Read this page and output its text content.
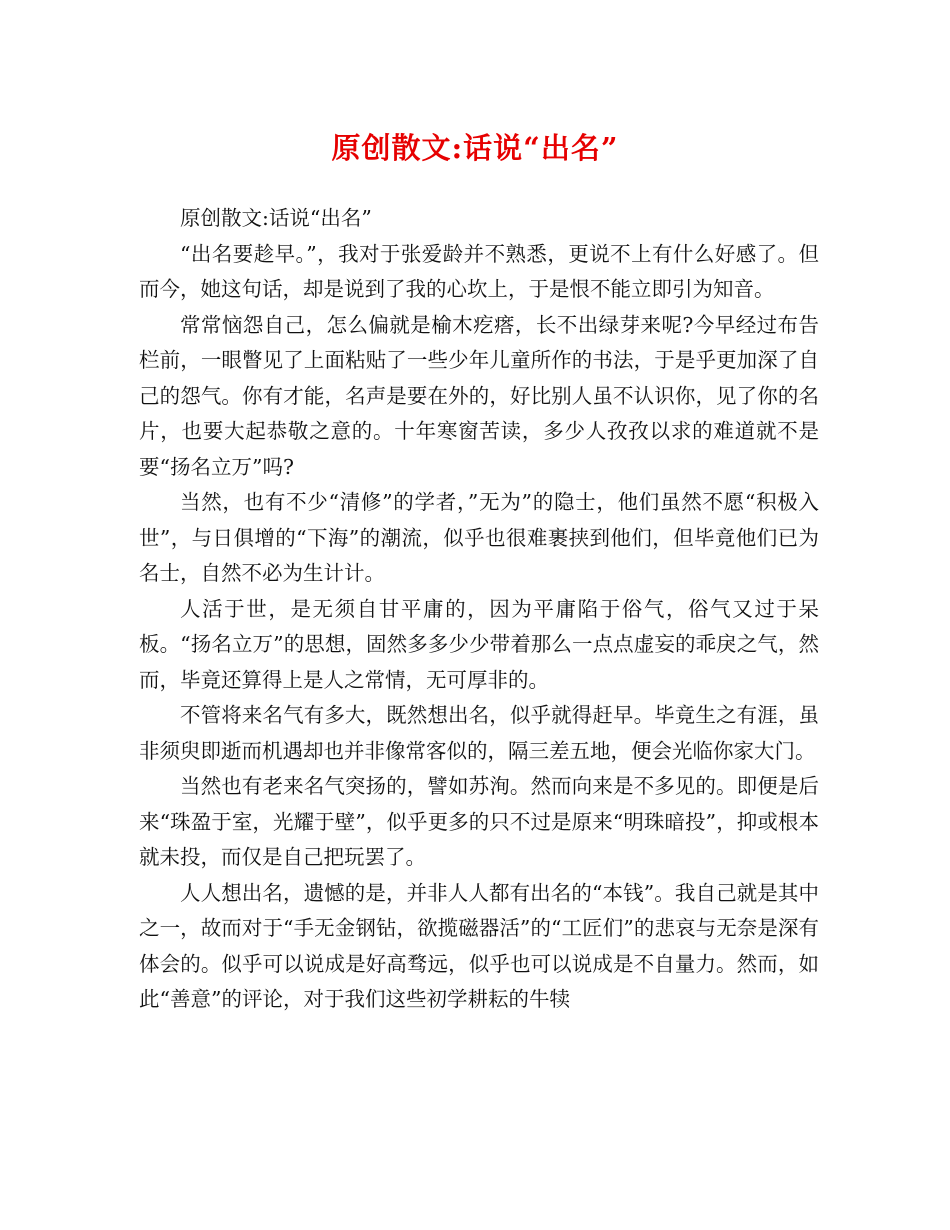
原创散文:话说“出名”

原创散文:话说“出名”

“出名要趁早。”，我对于张爱龄并不熟悉，更说不上有什么好感了。但而今，她这句话，却是说到了我的心坎上，于是恨不能立即引为知音。

常常恼怨自己，怎么偏就是榆木疙瘩，长不出绿芽来呢?今早经过布告栏前，一眼瞥见了上面粘贴了一些少年儿童所作的书法，于是乎更加深了自己的怨气。你有才能，名声是要在外的，好比别人虽不认识你，见了你的名片，也要大起恭敬之意的。十年寒窗苦读，多少人孜孜以求的难道就不是要“扬名立万”吗?

当然，也有不少“清修”的学者，”无为”的隐士，他们虽然不愿“积极入世”，与日俱增的“下海”的潮流，似乎也很难裹挟到他们，但毕竟他们已为名士，自然不必为生计计。

人活于世，是无须自甘平庸的，因为平庸陷于俗气，俗气又过于呆板。“扬名立万”的思想，固然多多少少带着那么一点点虚妄的乖戾之气，然而，毕竟还算得上是人之常情，无可厚非的。

不管将来名气有多大，既然想出名，似乎就得赶早。毕竟生之有涯，虽非须臾即逝而机遇却也并非像常客似的，隔三差五地，便会光临你家大门。

当然也有老来名气突扬的，譬如苏洵。然而向来是不多见的。即便是后来“珠盈于室，光耀于壁”，似乎更多的只不过是原来“明珠暗投”，抑或根本就未投，而仅是自己把玩罢了。

人人想出名，遗憾的是，并非人人都有出名的“本钱”。我自己就是其中之一，故而对于“手无金钢钻，欲揽磁器活”的“工匠们”的悲哀与无奈是深有体会的。似乎可以说成是好高骛远，似乎也可以说成是不自量力。然而，如此“善意”的评论，对于我们这些初学耕耘的牛犊
